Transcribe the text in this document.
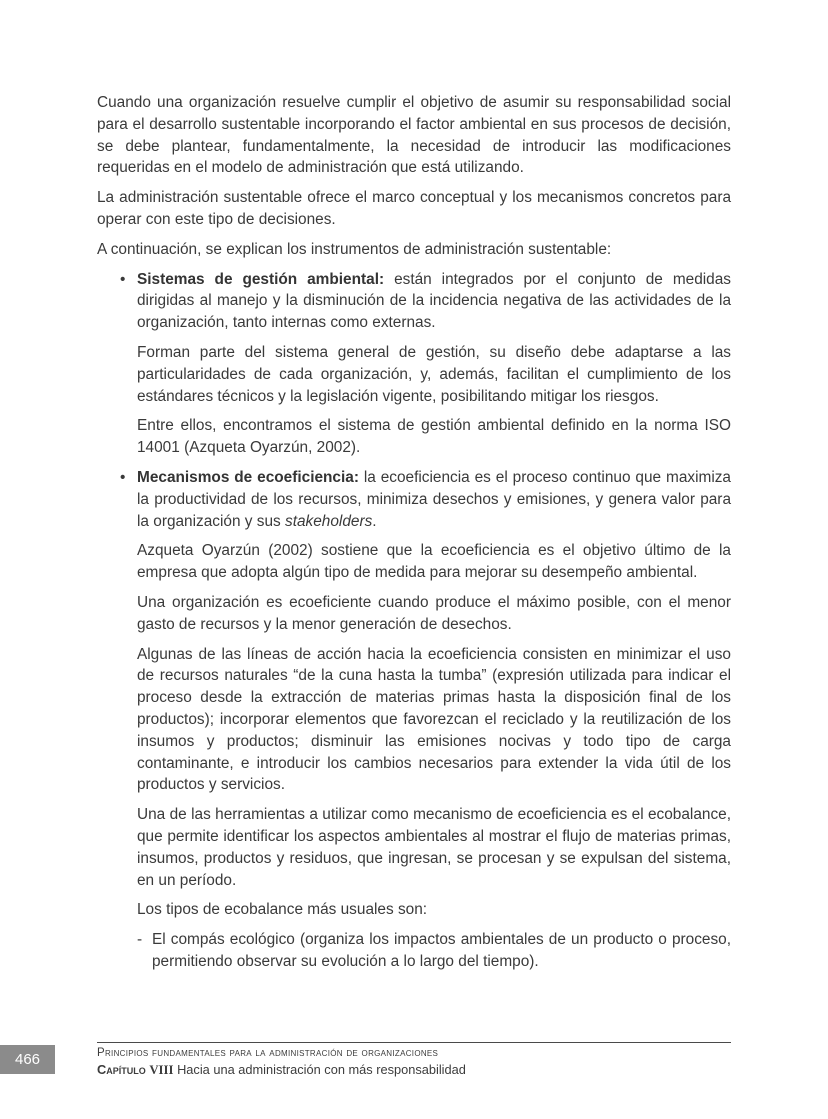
Cuando una organización resuelve cumplir el objetivo de asumir su responsabilidad social para el desarrollo sustentable incorporando el factor ambiental en sus procesos de decisión, se debe plantear, fundamentalmente, la necesidad de introducir las modificaciones requeridas en el modelo de administración que está utilizando.

La administración sustentable ofrece el marco conceptual y los mecanismos concretos para operar con este tipo de decisiones.

A continuación, se explican los instrumentos de administración sustentable:

• Sistemas de gestión ambiental: están integrados por el conjunto de medidas dirigidas al manejo y la disminución de la incidencia negativa de las actividades de la organización, tanto internas como externas.

Forman parte del sistema general de gestión, su diseño debe adaptarse a las particularidades de cada organización, y, además, facilitan el cumplimiento de los estándares técnicos y la legislación vigente, posibilitando mitigar los riesgos.

Entre ellos, encontramos el sistema de gestión ambiental definido en la norma ISO 14001 (Azqueta Oyarzún, 2002).

• Mecanismos de ecoeficiencia: la ecoeficiencia es el proceso continuo que maximiza la productividad de los recursos, minimiza desechos y emisiones, y genera valor para la organización y sus stakeholders.

Azqueta Oyarzún (2002) sostiene que la ecoeficiencia es el objetivo último de la empresa que adopta algún tipo de medida para mejorar su desempeño ambiental.

Una organización es ecoeficiente cuando produce el máximo posible, con el menor gasto de recursos y la menor generación de desechos.

Algunas de las líneas de acción hacia la ecoeficiencia consisten en minimizar el uso de recursos naturales “de la cuna hasta la tumba” (expresión utilizada para indicar el proceso desde la extracción de materias primas hasta la disposición final de los productos); incorporar elementos que favorezcan el reciclado y la reutilización de los insumos y productos; disminuir las emisiones nocivas y todo tipo de carga contaminante, e introducir los cambios necesarios para extender la vida útil de los productos y servicios.

Una de las herramientas a utilizar como mecanismo de ecoeficiencia es el ecobalance, que permite identificar los aspectos ambientales al mostrar el flujo de materias primas, insumos, productos y residuos, que ingresan, se procesan y se expulsan del sistema, en un período.

Los tipos de ecobalance más usuales son:

- El compás ecológico (organiza los impactos ambientales de un producto o proceso, permitiendo observar su evolución a lo largo del tiempo).

Principios fundamentales para la administración de organizaciones
Capítulo VIII Hacia una administración con más responsabilidad
466
